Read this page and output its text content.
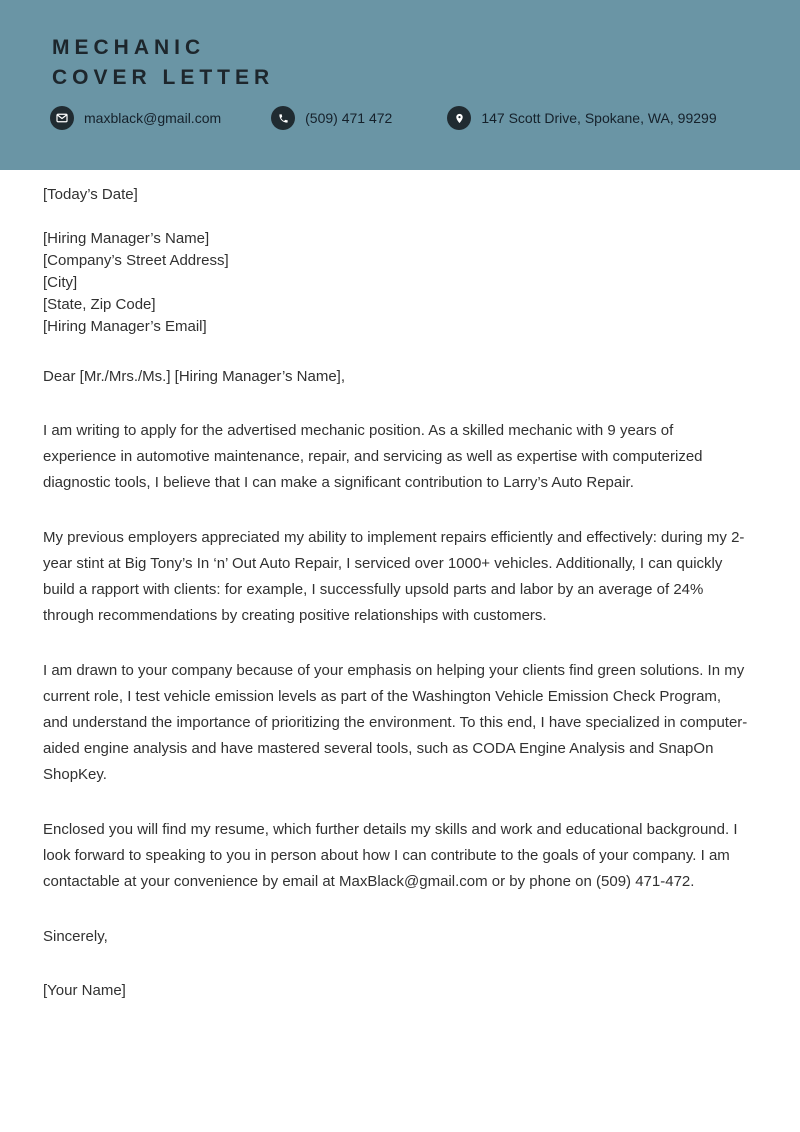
MECHANIC
COVER LETTER
maxblack@gmail.com	(509) 471 472	147 Scott Drive, Spokane, WA, 99299
[Today’s Date]
[Hiring Manager’s Name]
[Company’s Street Address]
[City]
[State, Zip Code]
[Hiring Manager’s Email]
Dear [Mr./Mrs./Ms.] [Hiring Manager’s Name],

I am writing to apply for the advertised mechanic position. As a skilled mechanic with 9 years of experience in automotive maintenance, repair, and servicing as well as expertise with computerized diagnostic tools, I believe that I can make a significant contribution to Larry’s Auto Repair.

My previous employers appreciated my ability to implement repairs efficiently and effectively: during my 2-year stint at Big Tony’s In ‘n’ Out Auto Repair, I serviced over 1000+ vehicles. Additionally, I can quickly build a rapport with clients: for example, I successfully upsold parts and labor by an average of 24% through recommendations by creating positive relationships with customers.

I am drawn to your company because of your emphasis on helping your clients find green solutions. In my current role, I test vehicle emission levels as part of the Washington Vehicle Emission Check Program, and understand the importance of prioritizing the environment. To this end, I have specialized in computer-aided engine analysis and have mastered several tools, such as CODA Engine Analysis and SnapOn ShopKey.

Enclosed you will find my resume, which further details my skills and work and educational background. I look forward to speaking to you in person about how I can contribute to the goals of your company. I am contactable at your convenience by email at MaxBlack@gmail.com or by phone on (509) 471-472.

Sincerely,
[Your Name]
